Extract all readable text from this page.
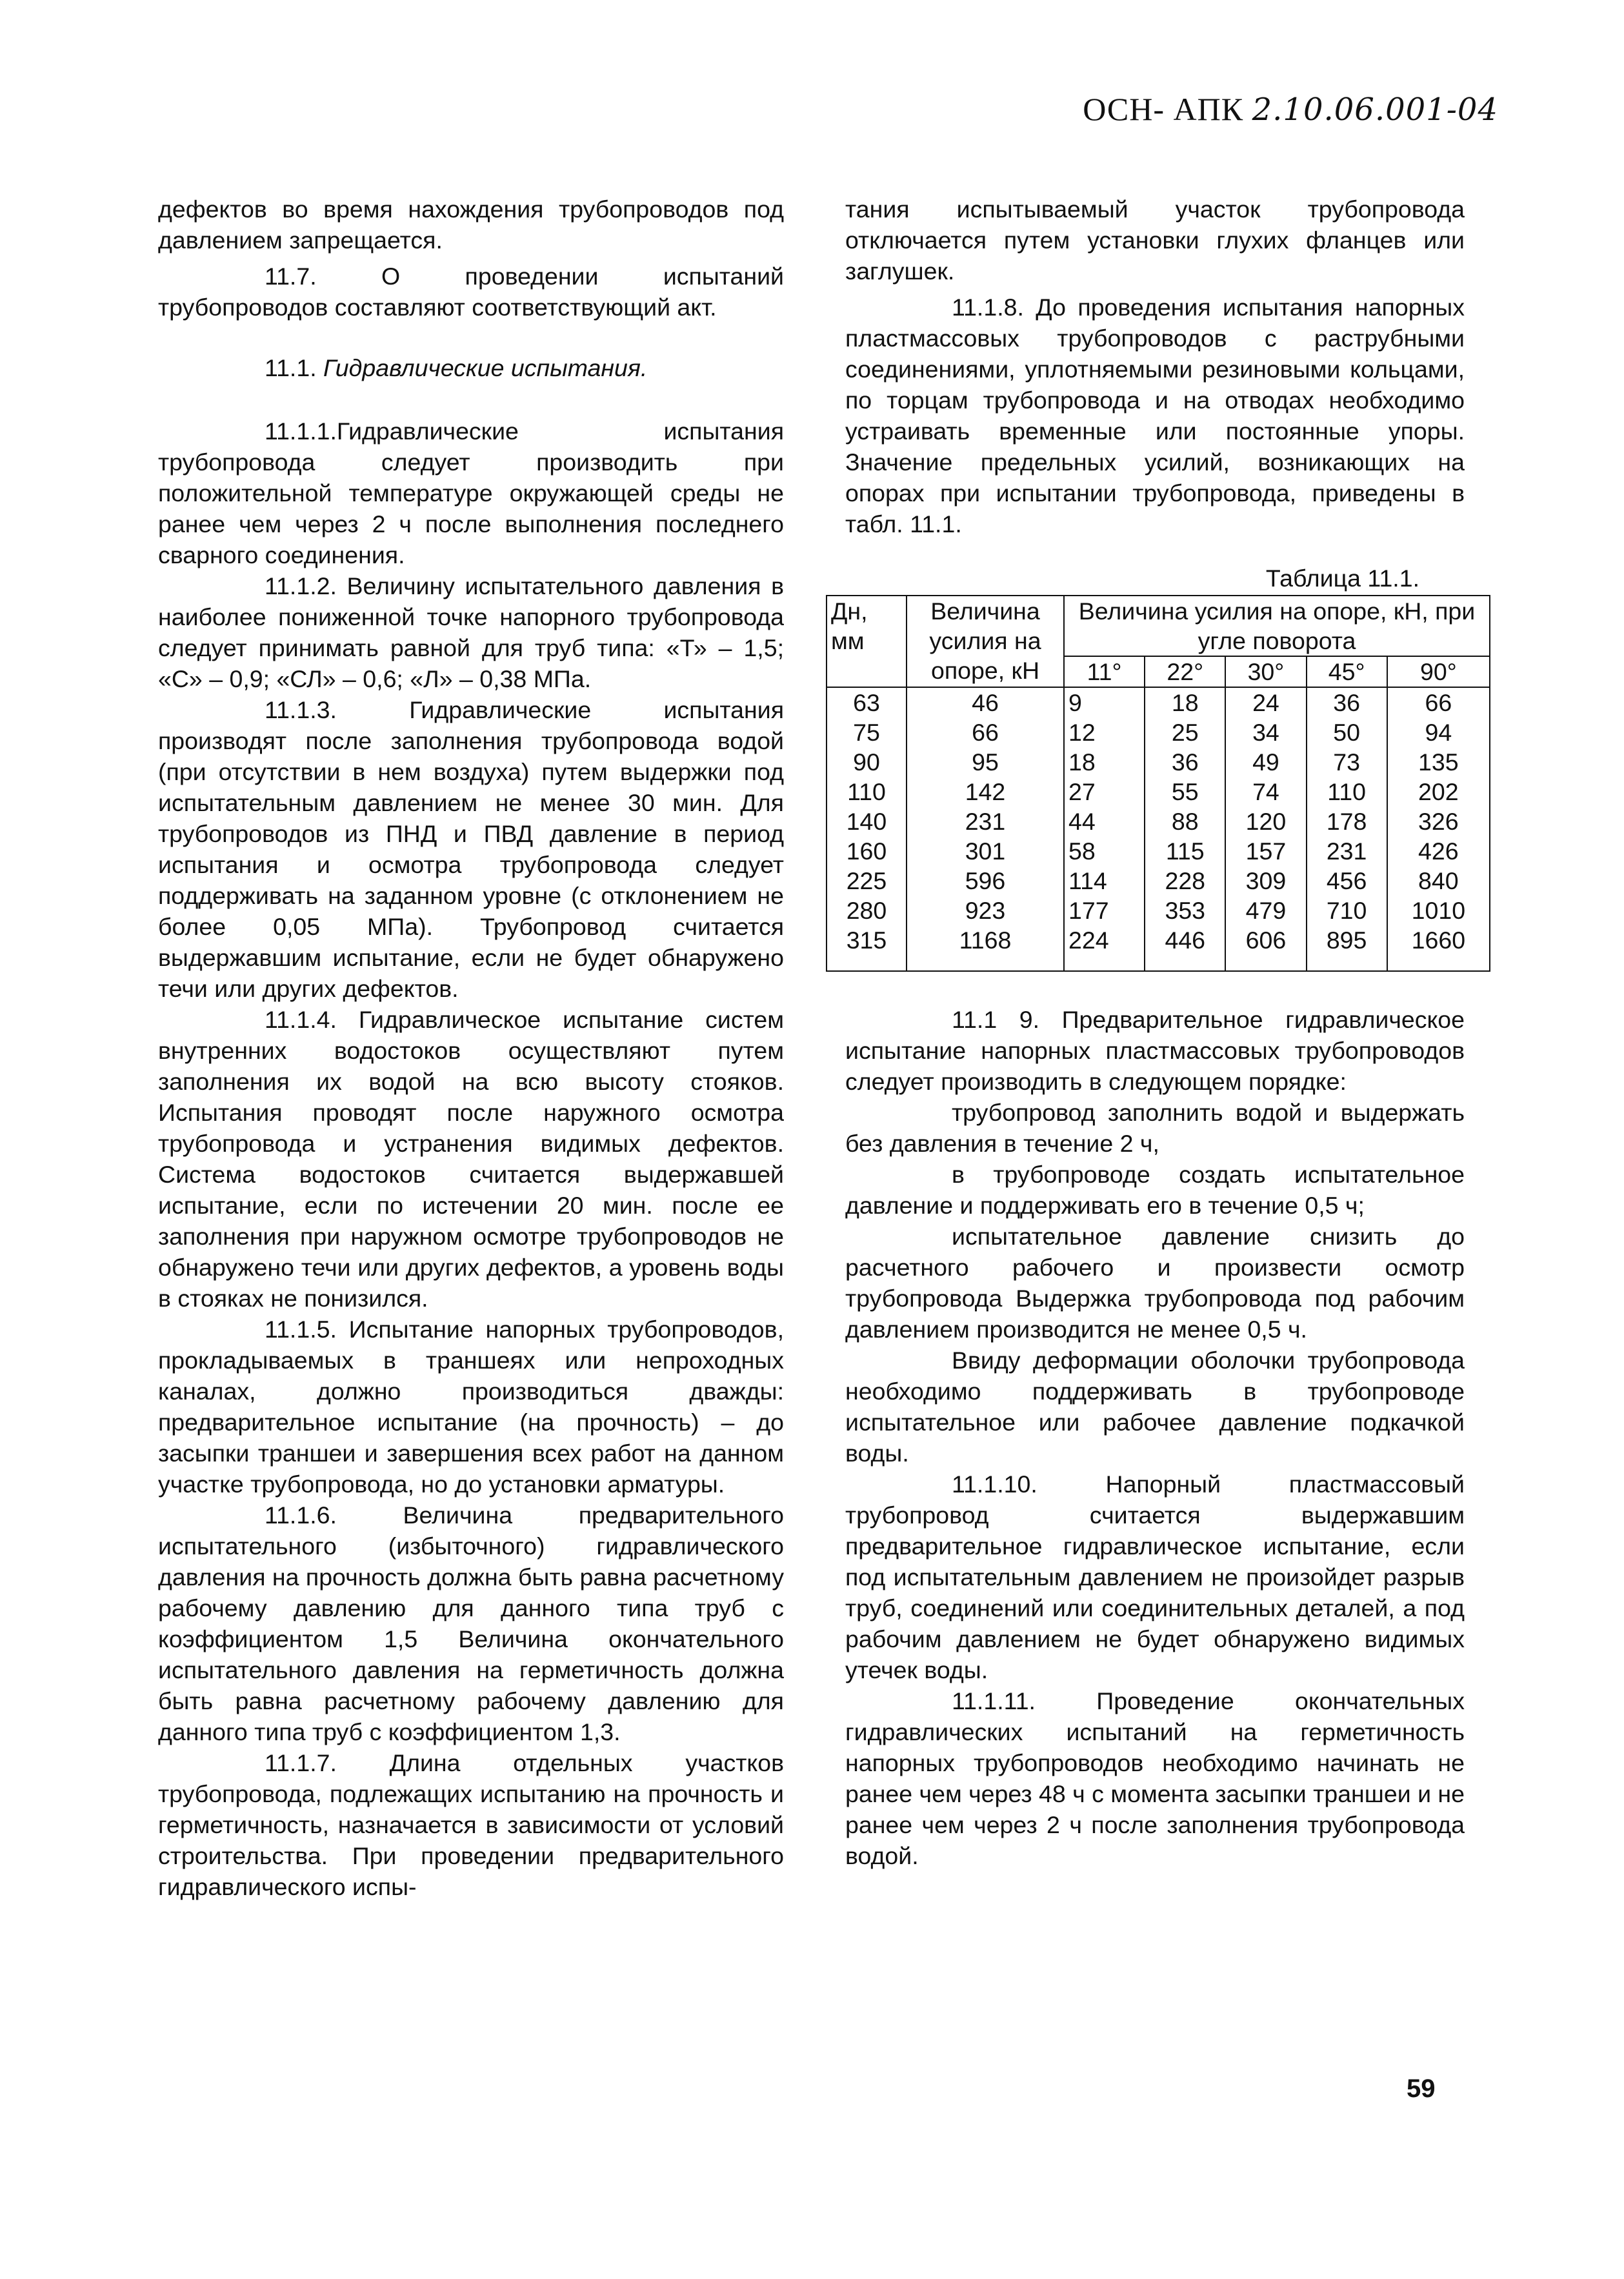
ОСН- АПК 2.10.06.001-04

дефектов во время нахождения трубопроводов под давлением запрещается.

11.7. О проведении испытаний трубопроводов составляют соответствующий акт.

11.1. Гидравлические испытания.

11.1.1.Гидравлические испытания трубопровода следует производить при положительной температуре окружающей среды не ранее чем через 2 ч после выполнения последнего сварного соединения.

11.1.2. Величину испытательного давления в наиболее пониженной точке напорного трубопровода следует принимать равной для труб типа: «Т» – 1,5; «С» – 0,9; «СЛ» – 0,6; «Л» – 0,38 МПа.

11.1.3. Гидравлические испытания производят после заполнения трубопровода водой (при отсутствии в нем воздуха) путем выдержки под испытательным давлением не менее 30 мин. Для трубопроводов из ПНД и ПВД давление в период испытания и осмотра трубопровода следует поддерживать на заданном уровне (с отклонением не более 0,05 МПа). Трубопровод считается выдержавшим испытание, если не будет обнаружено течи или других дефектов.

11.1.4. Гидравлическое испытание систем внутренних водостоков осуществляют путем заполнения их водой на всю высоту стояков. Испытания проводят после наружного осмотра трубопровода и устранения видимых дефектов. Система водостоков считается выдержавшей испытание, если по истечении 20 мин. после ее заполнения при наружном осмотре трубопроводов не обнаружено течи или других дефектов, а уровень воды в стояках не понизился.

11.1.5. Испытание напорных трубопроводов, прокладываемых в траншеях или непроходных каналах, должно производиться дважды: предварительное испытание (на прочность) – до засыпки траншеи и завершения всех работ на данном участке трубопровода, но до установки арматуры.

11.1.6. Величина предварительного испытательного (избыточного) гидравлического давления на прочность должна быть равна расчетному рабочему давлению для данного типа труб с коэффициентом 1,5 Величина окончательного испытательного давления на герметичность должна быть равна расчетному рабочему давлению для данного типа труб с коэффициентом 1,3.

11.1.7. Длина отдельных участков трубопровода, подлежащих испытанию на прочность и герметичность, назначается в зависимости от условий строительства. При проведении предварительного гидравлического испы-

тания испытываемый участок трубопровода отключается путем установки глухих фланцев или заглушек.

11.1.8. До проведения испытания напорных пластмассовых трубопроводов с раструбными соединениями, уплотняемыми резиновыми кольцами, по торцам трубопровода и на отводах необходимо устраивать временные или постоянные упоры. Значение предельных усилий, возникающих на опорах при испытании трубопровода, приведены в табл. 11.1.

Таблица 11.1.
Дн, мм	Величина усилия на опоре, кН	Величина усилия на опоре, кН, при угле поворота				
		11°	22°	30°	45°	90°
63	46	9	18	24	36	66
75	66	12	25	34	50	94
90	95	18	36	49	73	135
110	142	27	55	74	110	202
140	231	44	88	120	178	326
160	301	58	115	157	231	426
225	596	114	228	309	456	840
280	923	177	353	479	710	1010
315	1168	224	446	606	895	1660

11.1 9. Предварительное гидравлическое испытание напорных пластмассовых трубопроводов следует производить в следующем порядке:

трубопровод заполнить водой и выдержать без давления в течение 2 ч,

в трубопроводе создать испытательное давление и поддерживать его в течение 0,5 ч;

испытательное давление снизить до расчетного рабочего и произвести осмотр трубопровода Выдержка трубопровода под рабочим давлением производится не менее 0,5 ч.

Ввиду деформации оболочки трубопровода необходимо поддерживать в трубопроводе испытательное или рабочее давление подкачкой воды.

11.1.10. Напорный пластмассовый трубопровод считается выдержавшим предварительное гидравлическое испытание, если под испытательным давлением не произойдет разрыв труб, соединений или соединительных деталей, а под рабочим давлением не будет обнаружено видимых утечек воды.

11.1.11. Проведение окончательных гидравлических испытаний на герметичность напорных трубопроводов необходимо начинать не ранее чем через 48 ч с момента засыпки траншеи и не ранее чем через 2 ч после заполнения трубопровода водой.

59
